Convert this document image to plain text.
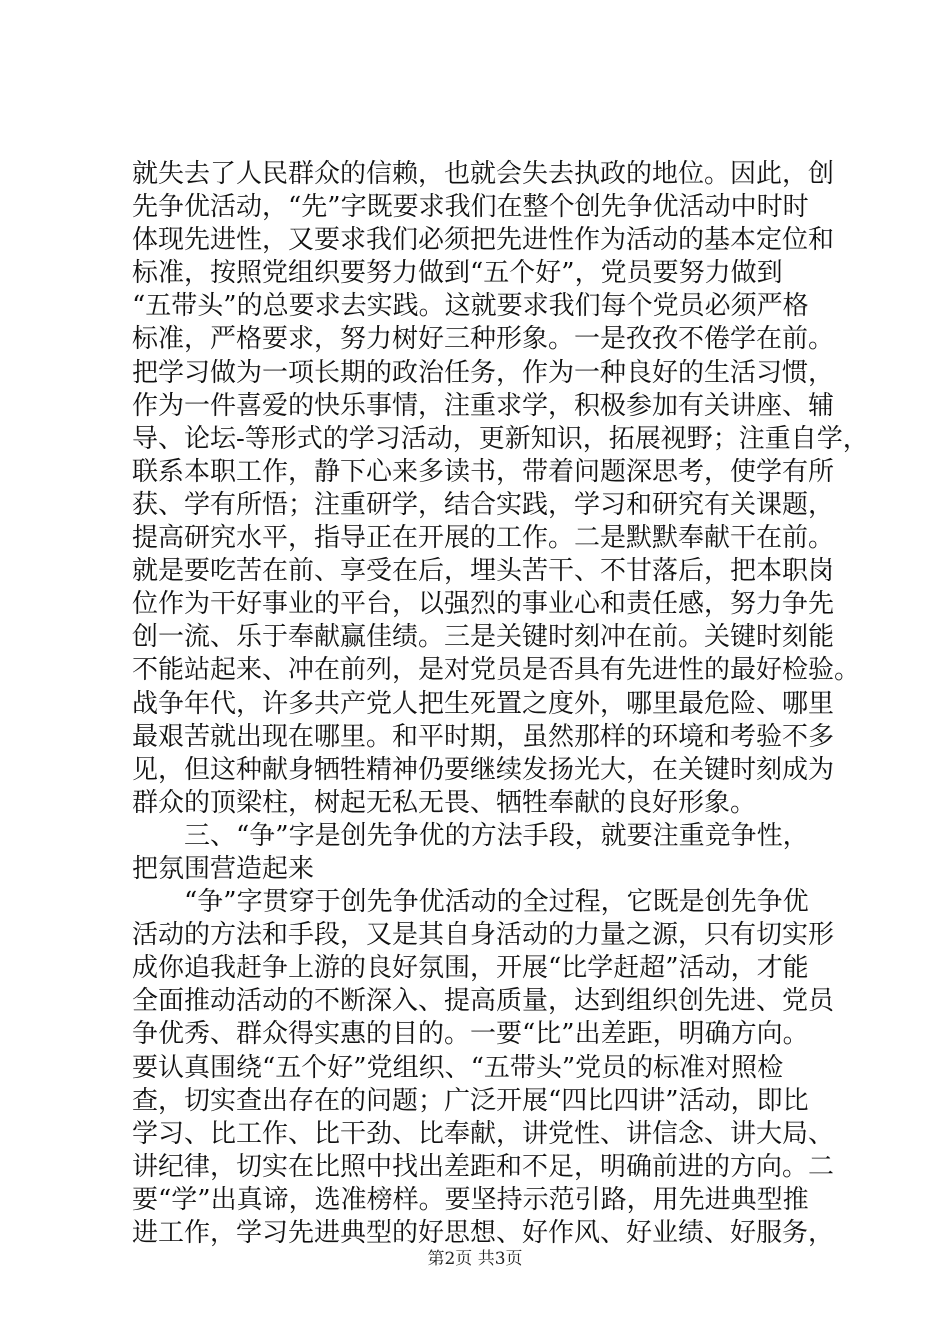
就失去了人民群众的信赖，也就会失去执政的地位。因此，创
先争优活动，“先”字既要求我们在整个创先争优活动中时时
体现先进性，又要求我们必须把先进性作为活动的基本定位和
标准，按照党组织要努力做到“五个好”，党员要努力做到
“五带头”的总要求去实践。这就要求我们每个党员必须严格
标准，严格要求，努力树好三种形象。一是孜孜不倦学在前。
把学习做为一项长期的政治任务，作为一种良好的生活习惯，
作为一件喜爱的快乐事情，注重求学，积极参加有关讲座、辅
导、论坛-等形式的学习活动，更新知识，拓展视野；注重自学，
联系本职工作，静下心来多读书，带着问题深思考，使学有所
获、学有所悟；注重研学，结合实践，学习和研究有关课题，
提高研究水平，指导正在开展的工作。二是默默奉献干在前。
就是要吃苦在前、享受在后，埋头苦干、不甘落后，把本职岗
位作为干好事业的平台，以强烈的事业心和责任感，努力争先
创一流、乐于奉献赢佳绩。三是关键时刻冲在前。关键时刻能
不能站起来、冲在前列，是对党员是否具有先进性的最好检验。
战争年代，许多共产党人把生死置之度外，哪里最危险、哪里
最艰苦就出现在哪里。和平时期，虽然那样的环境和考验不多
见，但这种献身牺牲精神仍要继续发扬光大，在关键时刻成为
群众的顶梁柱，树起无私无畏、牺牲奉献的良好形象。
　　三、“争”字是创先争优的方法手段，就要注重竞争性，
把氛围营造起来
　　“争”字贯穿于创先争优活动的全过程，它既是创先争优
活动的方法和手段，又是其自身活动的力量之源，只有切实形
成你追我赶争上游的良好氛围，开展“比学赶超”活动，才能
全面推动活动的不断深入、提高质量，达到组织创先进、党员
争优秀、群众得实惠的目的。一要“比”出差距，明确方向。
要认真围绕“五个好”党组织、“五带头”党员的标准对照检
查，切实查出存在的问题；广泛开展“四比四讲”活动，即比
学习、比工作、比干劲、比奉献，讲党性、讲信念、讲大局、
讲纪律，切实在比照中找出差距和不足，明确前进的方向。二
要“学”出真谛，选准榜样。要坚持示范引路，用先进典型推
进工作，学习先进典型的好思想、好作风、好业绩、好服务，
第2页 共3页
